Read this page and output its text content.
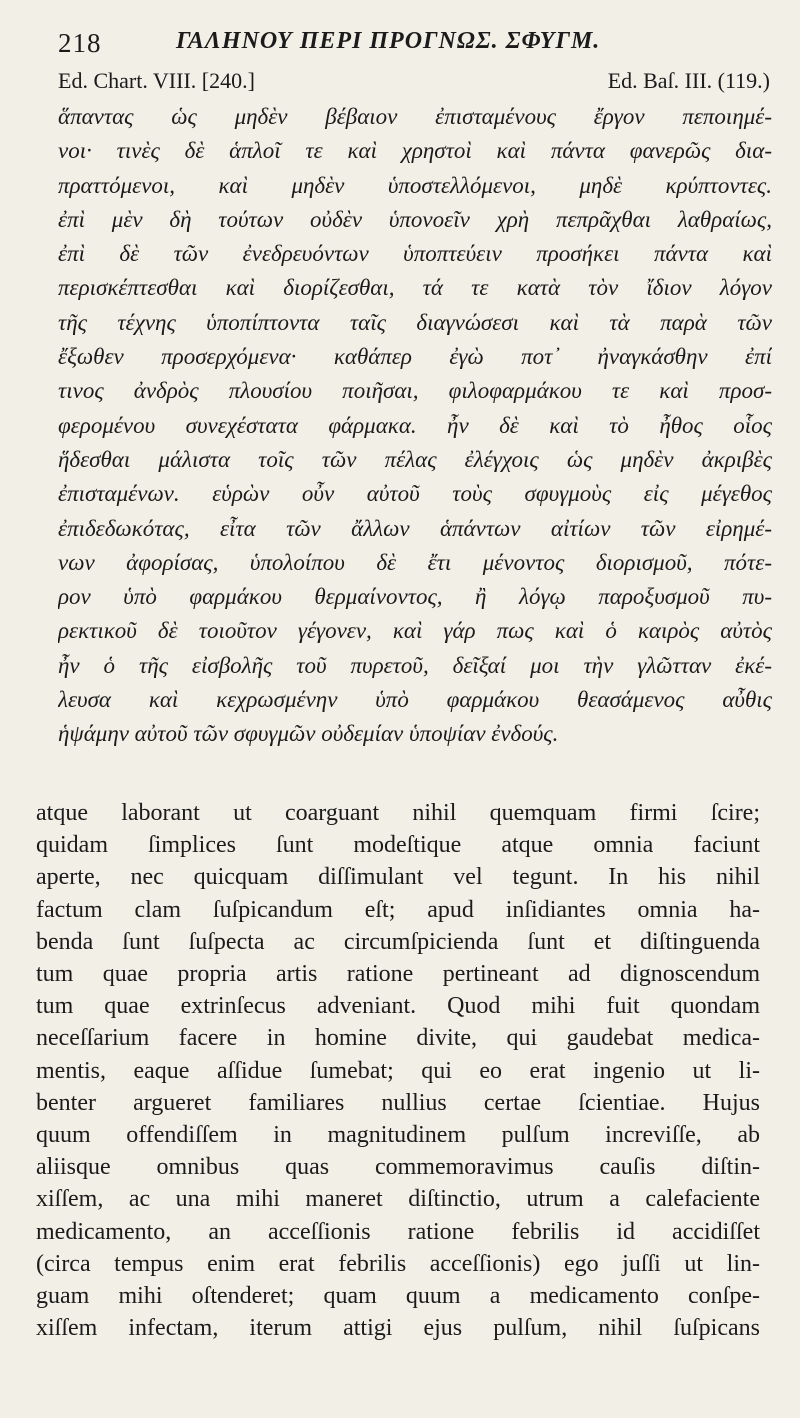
218	ΓΑΛΗΝΟΥ ΠΕΡΙ ΠΡΟΓΝΩΣ. ΣΦΥΓΜ.
Ed. Chart. VIII. [240.]	Ed. Baſ. III. (119.)
ἅπαντας ὡς μηδὲν βέβαιον ἐπισταμένους ἔργον πεποιημέ-
νοι· τινὲς δὲ ἁπλοῖ τε καὶ χρηστοὶ καὶ πάντα φανερῶς δια-
πραττόμενοι, καὶ μηδὲν ὑποστελλόμενοι, μηδὲ κρύπτοντες.
ἐπὶ μὲν δὴ τούτων οὐδὲν ὑπονοεῖν χρὴ πεπρᾶχθαι λαθραίως,
ἐπὶ δὲ τῶν ἐνεδρευόντων ὑποπτεύειν προσήκει πάντα καὶ
περισκέπτεσθαι καὶ διορίζεσθαι, τά τε κατὰ τὸν ἴδιον λόγον
τῆς τέχνης ὑποπίπτοντα ταῖς διαγνώσεσι καὶ τὰ παρὰ τῶν
ἔξωθεν προσερχόμενα· καθάπερ ἐγὼ ποτ᾽ ἠναγκάσθην ἐπί
τινος ἀνδρὸς πλουσίου ποιῆσαι, φιλοφαρμάκου τε καὶ προσ-
φερομένου συνεχέστατα φάρμακα. ἦν δὲ καὶ τὸ ἦθος οἷος
ἥδεσθαι μάλιστα τοῖς τῶν πέλας ἐλέγχοις ὡς μηδὲν ἀκριβὲς
ἐπισταμένων. εὑρὼν οὖν αὐτοῦ τοὺς σφυγμοὺς εἰς μέγεθος
ἐπιδεδωκότας, εἶτα τῶν ἄλλων ἁπάντων αἰτίων τῶν εἰρημέ-
νων ἀφορίσας, ὑπολοίπου δὲ ἔτι μένοντος διορισμοῦ, πότε-
ρον ὑπὸ φαρμάκου θερμαίνοντος, ἢ λόγῳ παροξυσμοῦ πυ-
ρεκτικοῦ δὲ τοιοῦτον γέγονεν, καὶ γάρ πως καὶ ὁ καιρὸς αὐτὸς
ἦν ὁ τῆς εἰσβολῆς τοῦ πυρετοῦ, δεῖξαί μοι τὴν γλῶτταν ἐκέ-
λευσα καὶ κεχρωσμένην ὑπὸ φαρμάκου θεασάμενος αὖθις
ἡψάμην αὐτοῦ τῶν σφυγμῶν οὐδεμίαν ὑποψίαν ἐνδούς.
atque laborant ut coarguant nihil quemquam firmi ſcire;
quidam ſimplices ſunt modeſtique atque omnia faciunt
aperte, nec quicquam diſſimulant vel tegunt. In his nihil
factum clam ſuſpicandum eſt; apud inſidiantes omnia ha-
benda ſunt ſuſpecta ac circumſpicienda ſunt et diſtinguenda
tum quae propria artis ratione pertineant ad dignoscendum
tum quae extrinſecus adveniant. Quod mihi fuit quondam
neceſſarium facere in homine divite, qui gaudebat medica-
mentis, eaque aſſidue ſumebat; qui eo erat ingenio ut li-
benter argueret familiares nullius certae ſcientiae. Hujus
quum offendiſſem in magnitudinem pulſum increviſſe, ab
aliisque omnibus quas commemoravimus cauſis diſtin-
xiſſem, ac una mihi maneret diſtinctio, utrum a calefaciente
medicamento, an acceſſionis ratione febrilis id accidiſſet
(circa tempus enim erat febrilis acceſſionis) ego juſſi ut lin-
guam mihi oſtenderet; quam quum a medicamento conſpe-
xiſſem infectam, iterum attigi ejus pulſum, nihil ſuſpicans
